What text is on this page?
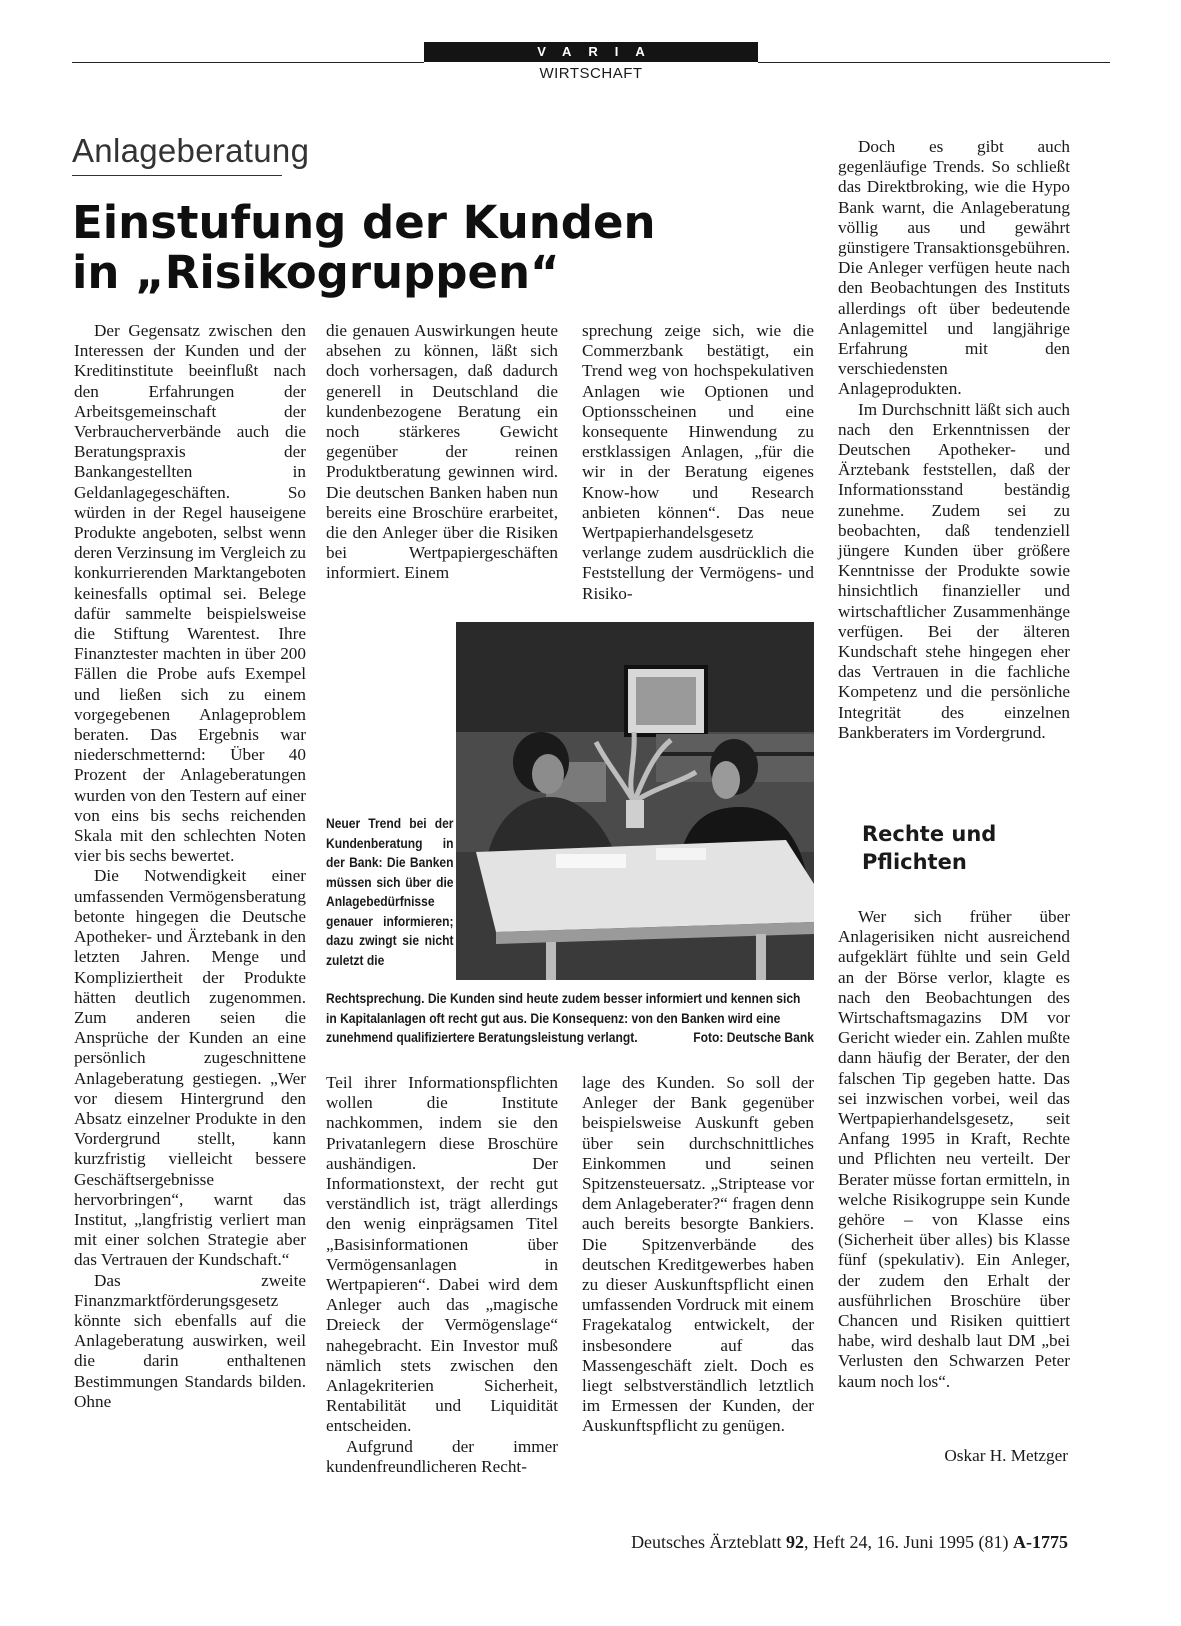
VARIA
WIRTSCHAFT
Anlageberatung
Einstufung der Kunden in „Risikogruppen“

Der Gegensatz zwischen den Interessen der Kunden und der Kreditinstitute beeinflußt nach den Erfahrungen der Arbeitsgemeinschaft der Verbraucherverbände auch die Beratungspraxis der Bankangestellten in Geldanlagegeschäften. So würden in der Regel hauseigene Produkte angeboten, selbst wenn deren Verzinsung im Vergleich zu konkurrierenden Marktangeboten keinesfalls optimal sei. Belege dafür sammelte beispielsweise die Stiftung Warentest. Ihre Finanztester machten in über 200 Fällen die Probe aufs Exempel und ließen sich zu einem vorgegebenen Anlageproblem beraten. Das Ergebnis war niederschmetternd: Über 40 Prozent der Anlageberatungen wurden von den Testern auf einer von eins bis sechs reichenden Skala mit den schlechten Noten vier bis sechs bewertet.

Die Notwendigkeit einer umfassenden Vermögensberatung betonte hingegen die Deutsche Apotheker- und Ärztebank in den letzten Jahren. Menge und Kompliziertheit der Produkte hätten deutlich zugenommen. Zum anderen seien die Ansprüche der Kunden an eine persönlich zugeschnittene Anlageberatung gestiegen. „Wer vor diesem Hintergrund den Absatz einzelner Produkte in den Vordergrund stellt, kann kurzfristig vielleicht bessere Geschäftsergebnisse hervorbringen“, warnt das Institut, „langfristig verliert man mit einer solchen Strategie aber das Vertrauen der Kundschaft.“

Das zweite Finanzmarktförderungsgesetz könnte sich ebenfalls auf die Anlageberatung auswirken, weil die darin enthaltenen Bestimmungen Standards bilden. Ohne

die genauen Auswirkungen heute absehen zu können, läßt sich doch vorhersagen, daß dadurch generell in Deutschland die kundenbezogene Beratung ein noch stärkeres Gewicht gegenüber der reinen Produktberatung gewinnen wird. Die deutschen Banken haben nun bereits eine Broschüre erarbeitet, die den Anleger über die Risiken bei Wertpapiergeschäften informiert. Einem

sprechung zeige sich, wie die Commerzbank bestätigt, ein Trend weg von hochspekulativen Anlagen wie Optionen und Optionsscheinen und eine konsequente Hinwendung zu erstklassigen Anlagen, „für die wir in der Beratung eigenes Know-how und Research anbieten können“. Das neue Wertpapierhandelsgesetz verlange zudem ausdrücklich die Feststellung der Vermögens- und Risiko-

Doch es gibt auch gegenläufige Trends. So schließt das Direktbroking, wie die Hypo Bank warnt, die Anlageberatung völlig aus und gewährt günstigere Transaktionsgebühren. Die Anleger verfügen heute nach den Beobachtungen des Instituts allerdings oft über bedeutende Anlagemittel und langjährige Erfahrung mit den verschiedensten Anlageprodukten.

Im Durchschnitt läßt sich auch nach den Erkenntnissen der Deutschen Apotheker- und Ärztebank feststellen, daß der Informationsstand beständig zunehme. Zudem sei zu beobachten, daß tendenziell jüngere Kunden über größere Kenntnisse der Produkte sowie hinsichtlich finanzieller und wirtschaftlicher Zusammenhänge verfügen. Bei der älteren Kundschaft stehe hingegen eher das Vertrauen in die fachliche Kompetenz und die persönliche Integrität des einzelnen Bankberaters im Vordergrund.

Rechte und Pflichten

Wer sich früher über Anlagerisiken nicht ausreichend aufgeklärt fühlte und sein Geld an der Börse verlor, klagte es nach den Beobachtungen des Wirtschaftsmagazins DM vor Gericht wieder ein. Zahlen mußte dann häufig der Berater, der den falschen Tip gegeben hatte. Das sei inzwischen vorbei, weil das Wertpapierhandelsgesetz, seit Anfang 1995 in Kraft, Rechte und Pflichten neu verteilt. Der Berater müsse fortan ermitteln, in welche Risikogruppe sein Kunde gehöre – von Klasse eins (Sicherheit über alles) bis Klasse fünf (spekulativ). Ein Anleger, der zudem den Erhalt der ausführlichen Broschüre über Chancen und Risiken quittiert habe, wird deshalb laut DM „bei Verlusten den Schwarzen Peter kaum noch los“.

Oskar H. Metzger

Neuer Trend bei der Kundenberatung in der Bank: Die Banken müssen sich über die Anlagebedürfnisse genauer informieren; dazu zwingt sie nicht zuletzt die

Rechtsprechung. Die Kunden sind heute zudem besser informiert und kennen sich in Kapitalanlagen oft recht gut aus. Die Konsequenz: von den Banken wird eine zunehmend qualifiziertere Beratungsleistung verlangt.	Foto: Deutsche Bank

Teil ihrer Informationspflichten wollen die Institute nachkommen, indem sie den Privatanlegern diese Broschüre aushändigen. Der Informationstext, der recht gut verständlich ist, trägt allerdings den wenig einprägsamen Titel „Basisinformationen über Vermögensanlagen in Wertpapieren“. Dabei wird dem Anleger auch das „magische Dreieck der Vermögenslage“ nahegebracht. Ein Investor muß nämlich stets zwischen den Anlagekriterien Sicherheit, Rentabilität und Liquidität entscheiden.

Aufgrund der immer kundenfreundlicheren Recht-

lage des Kunden. So soll der Anleger der Bank gegenüber beispielsweise Auskunft geben über sein durchschnittliches Einkommen und seinen Spitzensteuersatz. „Striptease vor dem Anlageberater?“ fragen denn auch bereits besorgte Bankiers. Die Spitzenverbände des deutschen Kreditgewerbes haben zu dieser Auskunftspflicht einen umfassenden Vordruck mit einem Fragekatalog entwickelt, der insbesondere auf das Massengeschäft zielt. Doch es liegt selbstverständlich letztlich im Ermessen der Kunden, der Auskunftspflicht zu genügen.

Deutsches Ärzteblatt 92, Heft 24, 16. Juni 1995 (81) A-1775
